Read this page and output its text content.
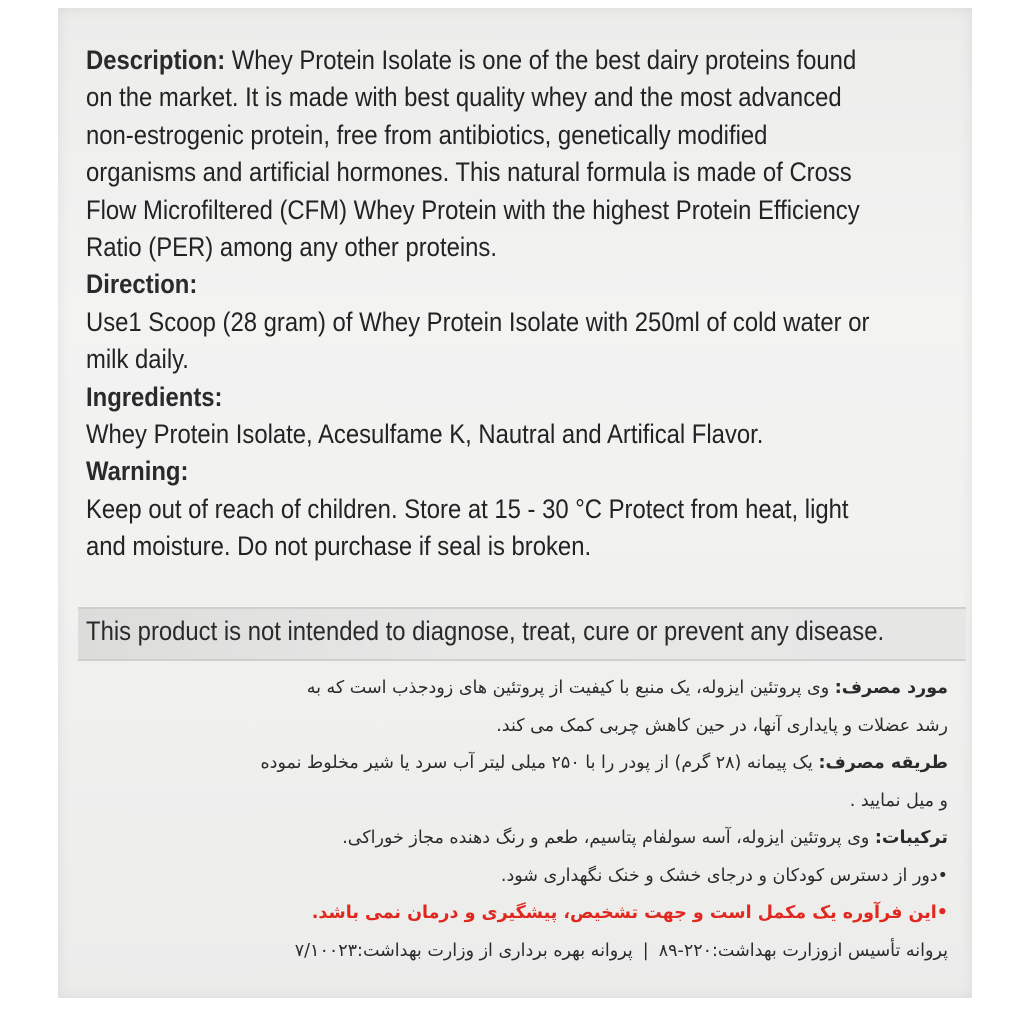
Description: Whey Protein Isolate is one of the best dairy proteins found on the market. It is made with best quality whey and the most advanced non-estrogenic protein, free from antibiotics, genetically modified organisms and artificial hormones. This natural formula is made of Cross Flow Microfiltered (CFM) Whey Protein with the highest Protein Efficiency Ratio (PER) among any other proteins.

Direction:

Use1 Scoop (28 gram) of Whey Protein Isolate with 250ml of cold water or milk daily.

Ingredients:

Whey Protein Isolate, Acesulfame K, Nautral and Artifical Flavor.

Warning:

Keep out of reach of children. Store at 15 - 30 °C Protect from heat, light and moisture. Do not purchase if seal is broken.

This product is not intended to diagnose, treat, cure or prevent any disease.

مورد مصرف: وی پروتئین ایزوله، یک منبع با کیفیت از پروتئین های زودجذب است که به

رشد عضلات و پایداری آنها، در حین کاهش چربی کمک می کند.

طریقه مصرف: یک پیمانه (۲۸ گرم) از پودر را با ۲۵۰ میلی لیتر آب سرد یا شیر مخلوط نموده

و میل نمایید .

ترکیبات: وی پروتئین ایزوله، آسه سولفام پتاسیم، طعم و رنگ دهنده مجاز خوراکی.

•دور از دسترس کودکان و درجای خشک و خنک نگهداری شود.

•این فرآوره یک مکمل است و جهت تشخیص، پیشگیری و درمان نمی باشد.

پروانه تأسیس ازوزارت بهداشت:۲۲۰-۸۹|پروانه بهره برداری از وزارت بهداشت:۷/۱۰۰۲۳
